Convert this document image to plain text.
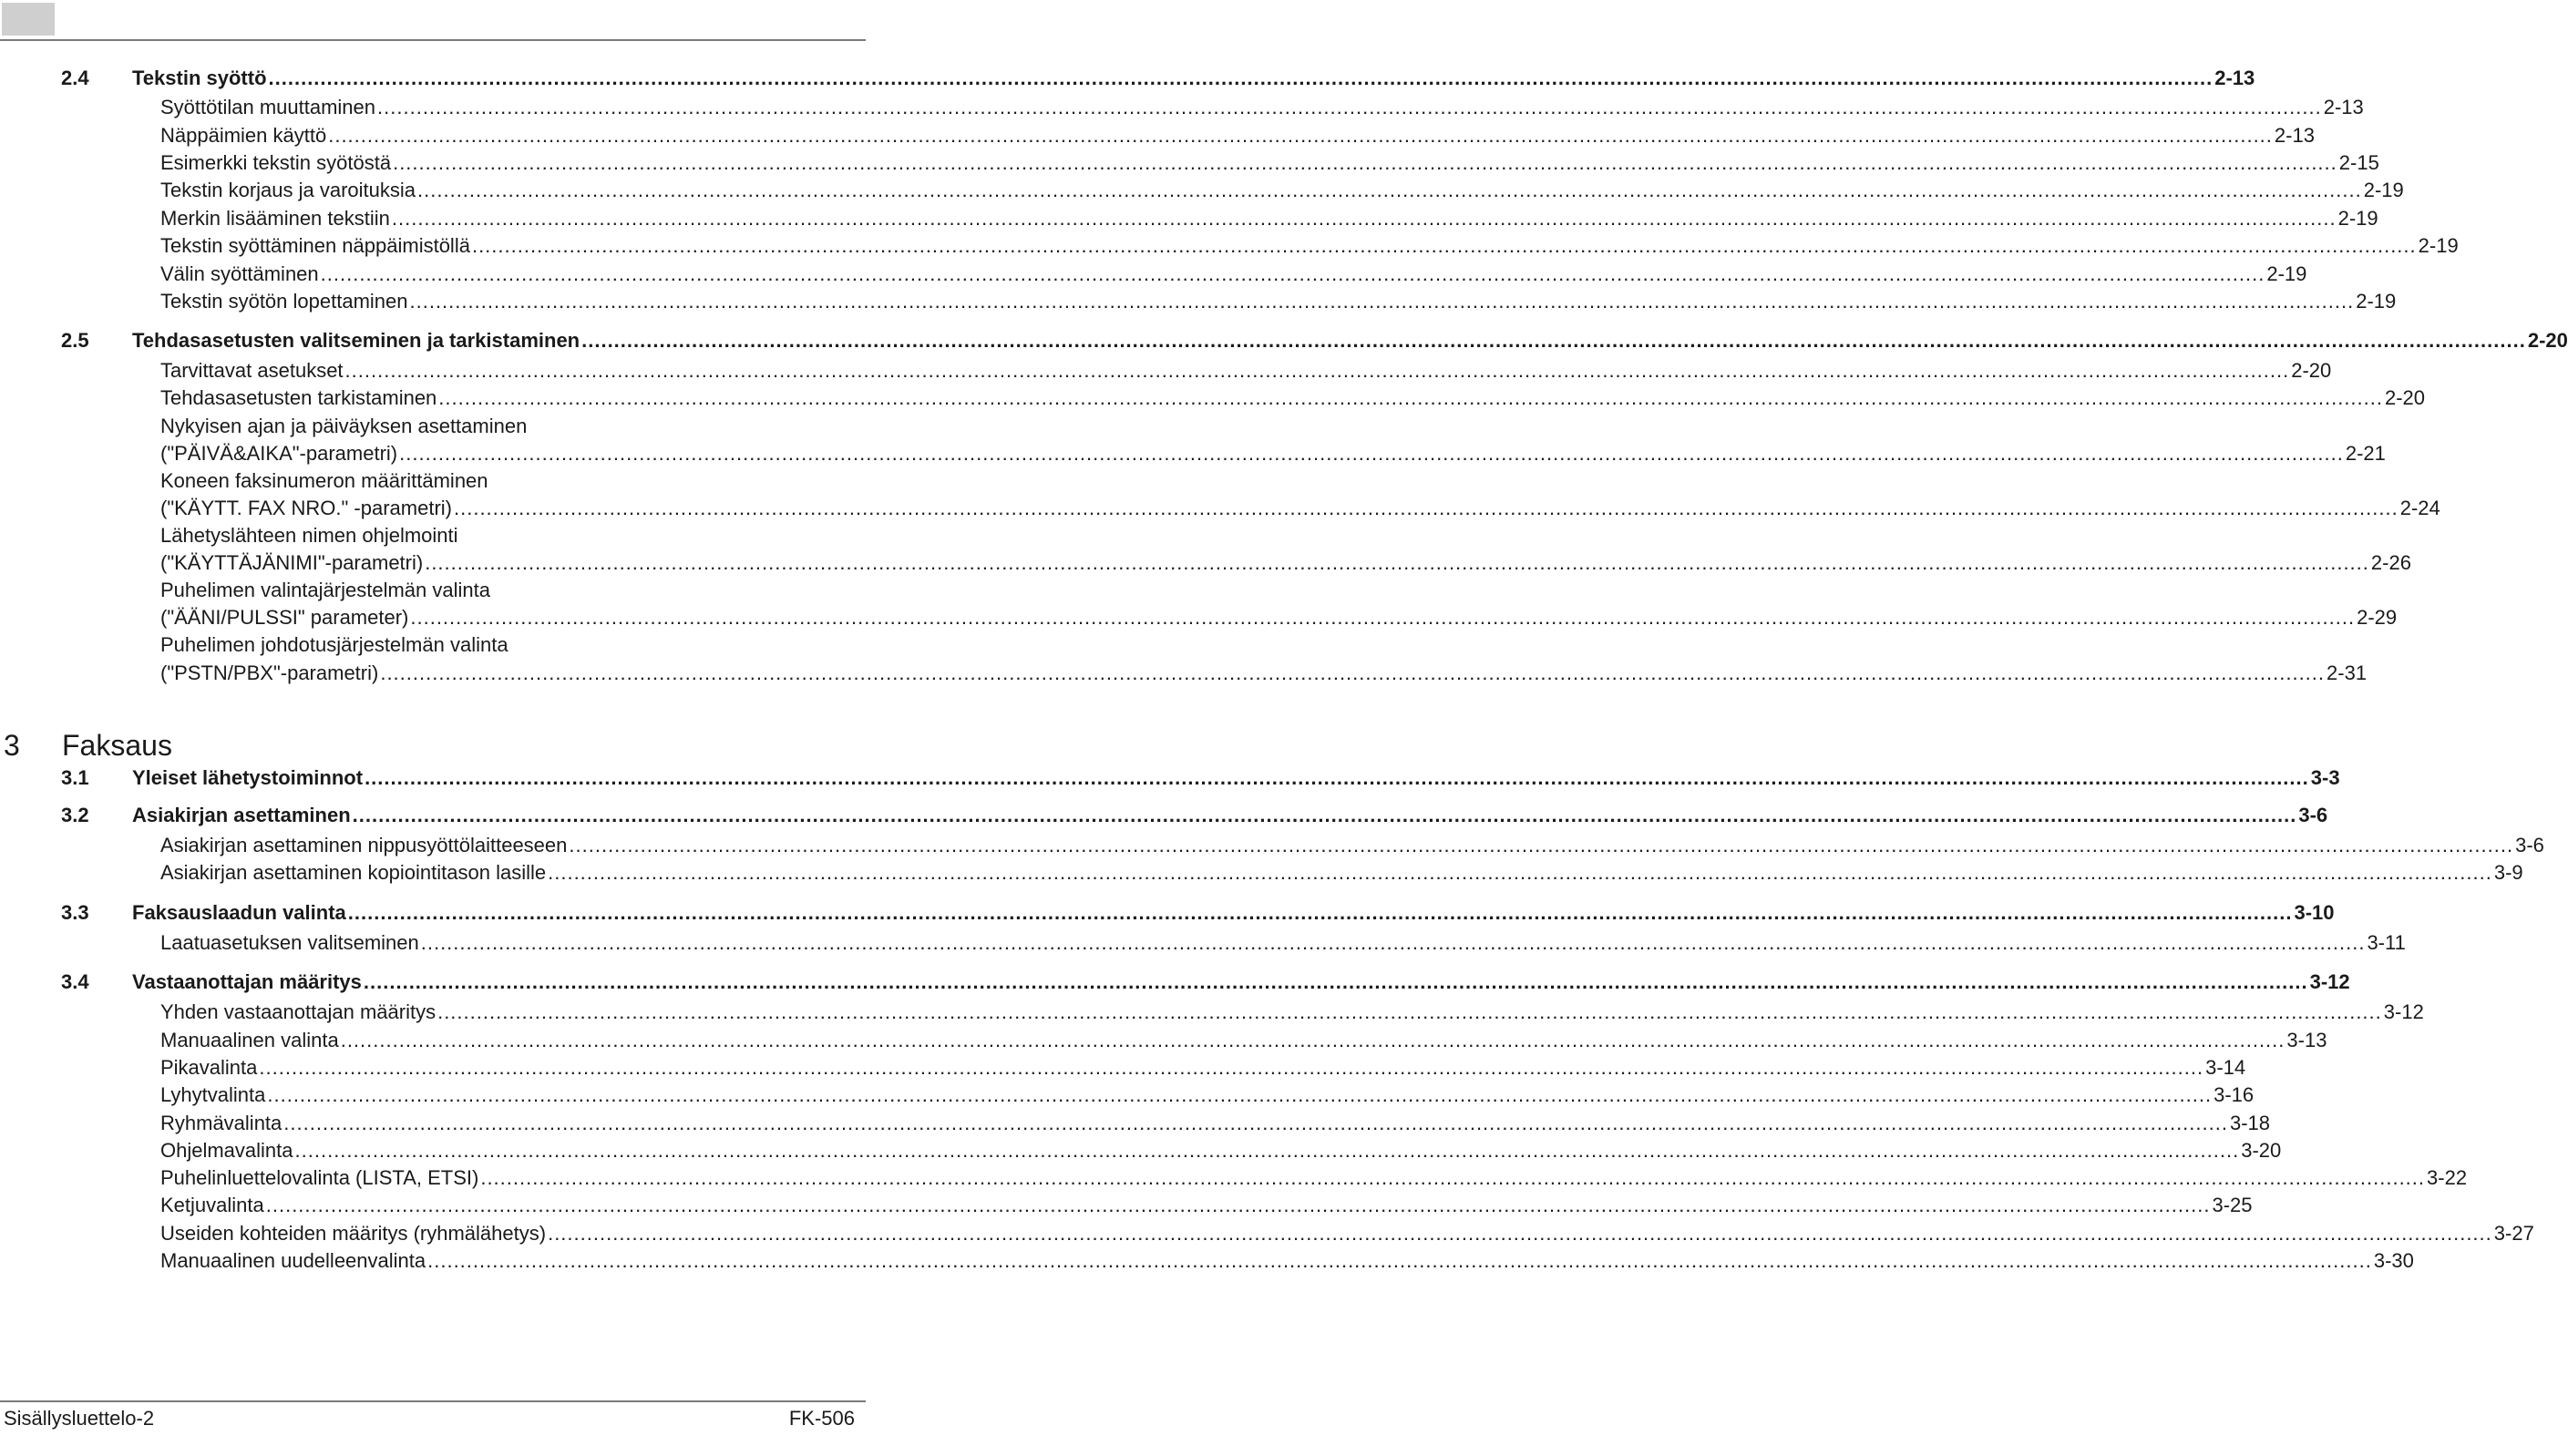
2.4 Tekstin syöttö ............................................................................................................................................................................................................................................................................................................ 2-13
Syöttötilan muuttaminen ............................................................................................................................................................................................................................................................................................................ 2-13
Näppäimien käyttö ............................................................................................................................................................................................................................................................................................................ 2-13
Esimerkki tekstin syötöstä ............................................................................................................................................................................................................................................................................................................ 2-15
Tekstin korjaus ja varoituksia ............................................................................................................................................................................................................................................................................................................ 2-19
Merkin lisääminen tekstiin ............................................................................................................................................................................................................................................................................................................ 2-19
Tekstin syöttäminen näppäimistöllä ............................................................................................................................................................................................................................................................................................................ 2-19
Välin syöttäminen ............................................................................................................................................................................................................................................................................................................ 2-19
Tekstin syötön lopettaminen ............................................................................................................................................................................................................................................................................................................ 2-19
2.5 Tehdasasetusten valitseminen ja tarkistaminen ............................................................................................................................................................................................................................................................................................................ 2-20
Tarvittavat asetukset ............................................................................................................................................................................................................................................................................................................ 2-20
Tehdasasetusten tarkistaminen ............................................................................................................................................................................................................................................................................................................ 2-20
Nykyisen ajan ja päiväyksen asettaminen
("PÄIVÄ&AIKA"-parametri) ............................................................................................................................................................................................................................................................................................................ 2-21
Koneen faksinumeron määrittäminen
("KÄYTT. FAX NRO." -parametri) ............................................................................................................................................................................................................................................................................................................ 2-24
Lähetyslähteen nimen ohjelmointi
("KÄYTTÄJÄNIMI"-parametri) ............................................................................................................................................................................................................................................................................................................ 2-26
Puhelimen valintajärjestelmän valinta
("ÄÄNI/PULSSI" parameter) ............................................................................................................................................................................................................................................................................................................ 2-29
Puhelimen johdotusjärjestelmän valinta
("PSTN/PBX"-parametri) ............................................................................................................................................................................................................................................................................................................ 2-31
3.1 Yleiset lähetystoiminnot ............................................................................................................................................................................................................................................................................................................ 3-3
3.2 Asiakirjan asettaminen ............................................................................................................................................................................................................................................................................................................ 3-6
Asiakirjan asettaminen nippusyöttölaitteeseen ............................................................................................................................................................................................................................................................................................................ 3-6
Asiakirjan asettaminen kopiointitason lasille ............................................................................................................................................................................................................................................................................................................ 3-9
3.3 Faksauslaadun valinta ............................................................................................................................................................................................................................................................................................................ 3-10
Laatuasetuksen valitseminen ............................................................................................................................................................................................................................................................................................................ 3-11
3.4 Vastaanottajan määritys ............................................................................................................................................................................................................................................................................................................ 3-12
Yhden vastaanottajan määritys ............................................................................................................................................................................................................................................................................................................ 3-12
Manuaalinen valinta ............................................................................................................................................................................................................................................................................................................ 3-13
Pikavalinta ............................................................................................................................................................................................................................................................................................................ 3-14
Lyhytvalinta ............................................................................................................................................................................................................................................................................................................ 3-16
Ryhmävalinta ............................................................................................................................................................................................................................................................................................................ 3-18
Ohjelmavalinta ............................................................................................................................................................................................................................................................................................................ 3-20
Puhelinluettelovalinta (LISTA, ETSI) ............................................................................................................................................................................................................................................................................................................ 3-22
Ketjuvalinta ............................................................................................................................................................................................................................................................................................................ 3-25
Useiden kohteiden määritys (ryhmälähetys) ............................................................................................................................................................................................................................................................................................................ 3-27
Manuaalinen uudelleenvalinta ............................................................................................................................................................................................................................................................................................................ 3-30
3 Faksaus
Sisällysluettelo-2	FK-506
